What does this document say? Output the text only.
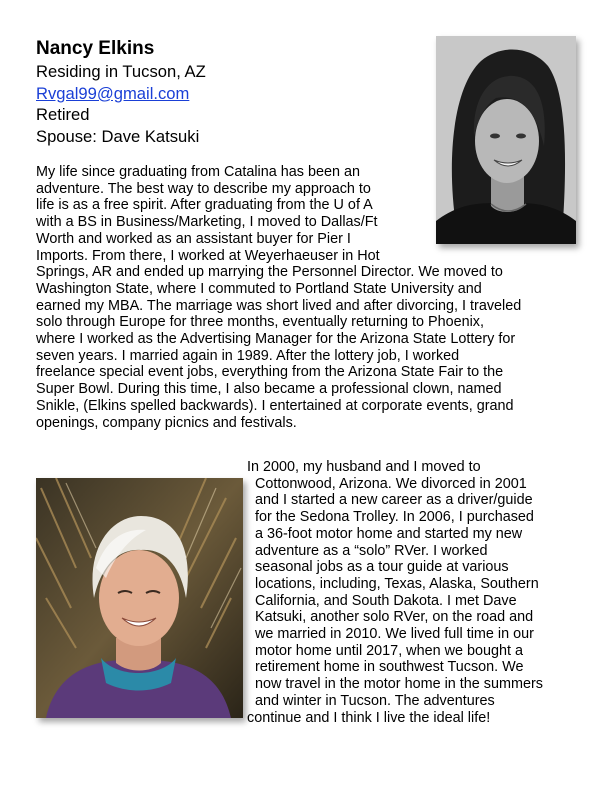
Nancy Elkins
Residing in Tucson, AZ
Rvgal99@gmail.com
Retired
Spouse: Dave Katsuki
My life since graduating from Catalina has been an
adventure. The best way to describe my approach to
life is as a free spirit. After graduating from the U of A
with a BS in Business/Marketing, I moved to Dallas/Ft
Worth and worked as an assistant buyer for Pier I
Imports. From there, I worked at Weyerhaeuser in Hot
Springs, AR and ended up marrying the Personnel Director. We moved to
Washington State, where I commuted to Portland State University and
earned my MBA. The marriage was short lived and after divorcing, I traveled
solo through Europe for three months, eventually returning to Phoenix,
where I worked as the Advertising Manager for the Arizona State Lottery for
seven years. I married again in 1989. After the lottery job, I worked
freelance special event jobs, everything from the Arizona State Fair to the
Super Bowl. During this time, I also became a professional clown, named
Snikle, (Elkins spelled backwards). I entertained at corporate events, grand
openings, company picnics and festivals.
In 2000, my husband and I moved to
Cottonwood, Arizona. We divorced in 2001
and I started a new career as a driver/guide
for the Sedona Trolley. In 2006, I purchased
a 36-foot motor home and started my new
adventure as a “solo” RVer. I worked
seasonal jobs as a tour guide at various
locations, including, Texas, Alaska, Southern
California, and South Dakota. I met Dave
Katsuki, another solo RVer, on the road and
we married in 2010. We lived full time in our
motor home until 2017, when we bought a
retirement home in southwest Tucson. We
now travel in the motor home in the summers
and winter in Tucson. The adventures
continue and I think I live the ideal life!
